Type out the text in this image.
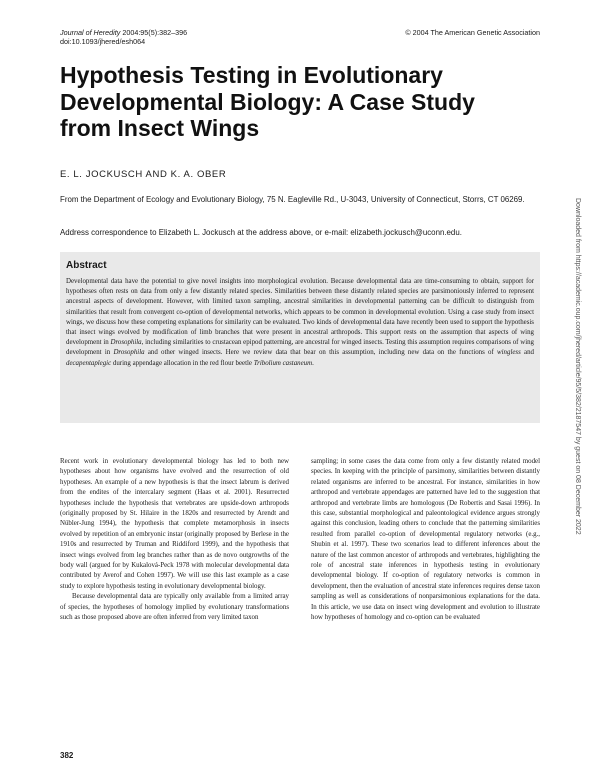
Journal of Heredity 2004:95(5):382–396
doi:10.1093/jhered/esh064
© 2004 The American Genetic Association
Hypothesis Testing in Evolutionary Developmental Biology: A Case Study from Insect Wings
E. L. JOCKUSCH AND K. A. OBER
From the Department of Ecology and Evolutionary Biology, 75 N. Eagleville Rd., U-3043, University of Connecticut, Storrs, CT 06269.
Address correspondence to Elizabeth L. Jockusch at the address above, or e-mail: elizabeth.jockusch@uconn.edu.
Abstract

Developmental data have the potential to give novel insights into morphological evolution. Because developmental data are time-consuming to obtain, support for hypotheses often rests on data from only a few distantly related species. Similarities between these distantly related species are parsimoniously inferred to represent ancestral aspects of development. However, with limited taxon sampling, ancestral similarities in developmental patterning can be difficult to distinguish from similarities that result from convergent co-option of developmental networks, which appears to be common in developmental evolution. Using a case study from insect wings, we discuss how these competing explanations for similarity can be evaluated. Two kinds of developmental data have recently been used to support the hypothesis that insect wings evolved by modification of limb branches that were present in ancestral arthropods. This support rests on the assumption that aspects of wing development in Drosophila, including similarities to crustacean epipod patterning, are ancestral for winged insects. Testing this assumption requires comparisons of wing development in Drosophila and other winged insects. Here we review data that bear on this assumption, including new data on the functions of wingless and decapentaplegic during appendage allocation in the red flour beetle Tribolium castaneum.

Recent work in evolutionary developmental biology has led to both new hypotheses about how organisms have evolved and the resurrection of old hypotheses. An example of a new hypothesis is that the insect labrum is derived from the endites of the intercalary segment (Haas et al. 2001). Resurrected hypotheses include the hypothesis that vertebrates are upside-down arthropods (originally proposed by St. Hilaire in the 1820s and resurrected by Arendt and Nübler-Jung 1994), the hypothesis that complete metamorphosis in insects evolved by repetition of an embryonic instar (originally proposed by Berlese in the 1910s and resurrected by Truman and Riddiford 1999), and the hypothesis that insect wings evolved from leg branches rather than as de novo outgrowths of the body wall (argued for by Kukalová-Peck 1978 with molecular developmental data contributed by Averof and Cohen 1997). We will use this last example as a case study to explore hypothesis testing in evolutionary developmental biology.

Because developmental data are typically only available from a limited array of species, the hypotheses of homology implied by evolutionary transformations such as those proposed above are often inferred from very limited taxon

sampling; in some cases the data come from only a few distantly related model species. In keeping with the principle of parsimony, similarities between distantly related organisms are inferred to be ancestral. For instance, similarities in how arthropod and vertebrate appendages are patterned have led to the suggestion that arthropod and vertebrate limbs are homologous (De Robertis and Sasai 1996). In this case, substantial morphological and paleontological evidence argues strongly against this conclusion, leading others to conclude that the patterning similarities resulted from parallel co-option of developmental regulatory networks (e.g., Shubin et al. 1997). These two scenarios lead to different inferences about the nature of the last common ancestor of arthropods and vertebrates, highlighting the role of ancestral state inferences in hypothesis testing in evolutionary developmental biology. If co-option of regulatory networks is common in development, then the evaluation of ancestral state inferences requires dense taxon sampling as well as considerations of nonparsimonious explanations for the data. In this article, we use data on insect wing development and evolution to illustrate how hypotheses of homology and co-option can be evaluated

382
Downloaded from https://academic.oup.com/jhered/article/95/5/382/2187547 by guest on 08 December 2022
